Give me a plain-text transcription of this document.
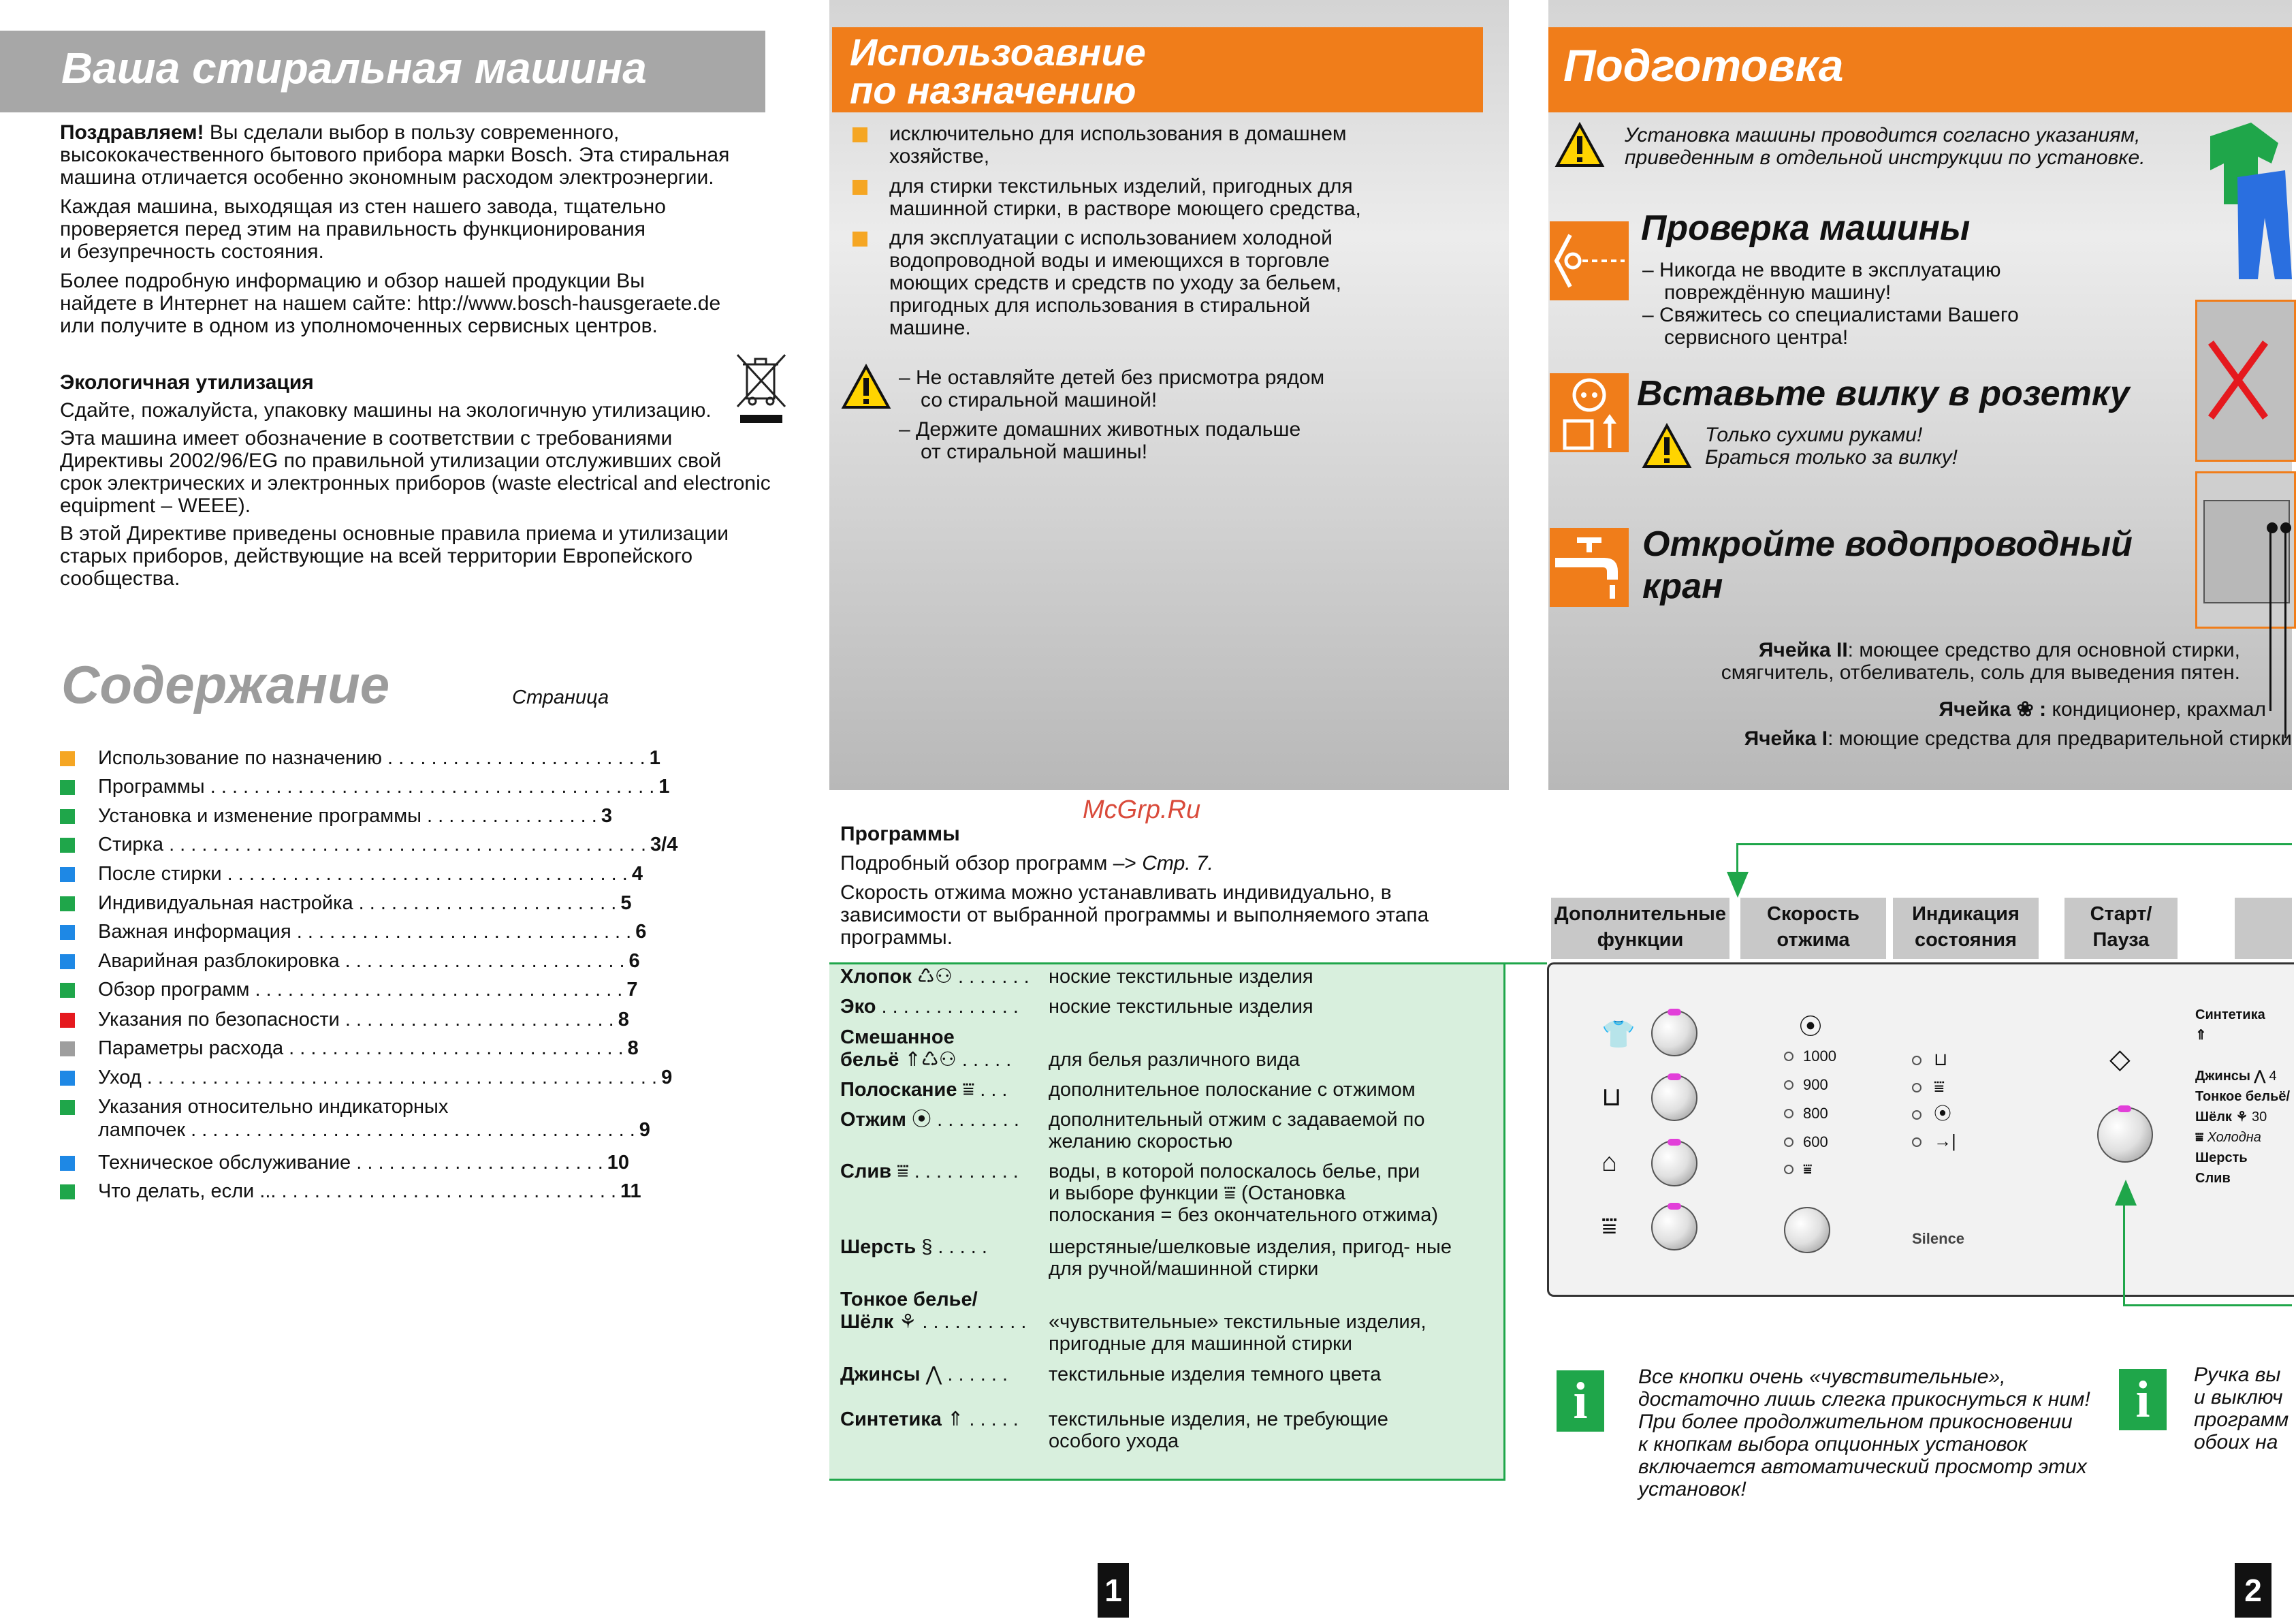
Ваша стиральная машина

Поздравляем! Вы сделали выбор в пользу современного,

высококачественного бытового прибора марки Bosch. Эта стиральная

машина отличается особенно экономным расходом электроэнергии.

Каждая машина, выходящая из стен нашего завода, тщательно

проверяется перед этим на правильность функционирования

и безупречность состояния.

Более подробную информацию и обзор нашей продукции Вы

найдете в Интернет на нашем сайте: http://www.bosch-hausgeraete.de

или получите в одном из уполномоченных сервисных центров.

Экологичная утилизация

Сдайте, пожалуйста, упаковку машины на экологичную утилизацию.

Эта машина имеет обозначение в соответствии с требованиями

Директивы 2002/96/EG по правильной утилизации отслуживших свой

срок электрических и электронных приборов (waste electrical and electronic

equipment – WEEE).

В этой Директиве приведены основные правила приема и утилизации

старых приборов, действующие на всей территории Европейского

сообщества.

Содержание	Страница
Использование по назначению . . . . . . . . . . . . . . . . . . . . . . . . 1
Программы . . . . . . . . . . . . . . . . . . . . . . . . . . . . . . . . . . . . . . . . . 1
Установка и изменение программы . . . . . . . . . . . . . . . . 3
Стирка . . . . . . . . . . . . . . . . . . . . . . . . . . . . . . . . . . . . . . . . . . . . 3/4
После стирки . . . . . . . . . . . . . . . . . . . . . . . . . . . . . . . . . . . . . 4
Индивидуальная настройка . . . . . . . . . . . . . . . . . . . . . . . . 5
Важная информация . . . . . . . . . . . . . . . . . . . . . . . . . . . . . . . 6
Аварийная разблокировка . . . . . . . . . . . . . . . . . . . . . . . . . . 6
Обзор программ . . . . . . . . . . . . . . . . . . . . . . . . . . . . . . . . . . 7
Указания по безопасности . . . . . . . . . . . . . . . . . . . . . . . . . 8
Параметры расхода . . . . . . . . . . . . . . . . . . . . . . . . . . . . . . . 8
Уход . . . . . . . . . . . . . . . . . . . . . . . . . . . . . . . . . . . . . . . . . . . . . . . 9
Указания относительно индикаторных
лампочек . . . . . . . . . . . . . . . . . . . . . . . . . . . . . . . . . . . . . . . . . 9
Техническое обслуживание . . . . . . . . . . . . . . . . . . . . . . . 10
Что делать, если ... . . . . . . . . . . . . . . . . . . . . . . . . . . . . . . . 11
Использоавние
по назначению

исключительно для использования в домашнем

хозяйстве,

для стирки текстильных изделий, пригодных для

машинной стирки, в растворе моющего средства,

для эксплуатации с использованием холодной

водопроводной воды и имеющихся в торговле

моющих средств и средств по уходу за бельем,

пригодных для использования в стиральной

машине.

– Не оставляйте детей без присмотра рядом

со стиральной машиной!

– Держите домашних животных подальше

от стиральной машины!

McGrp.Ru

Программы

Подробный обзор программ –> Стр. 7.

Скорость отжима можно устанавливать индивидуально, в

зависимости от выбранной программы и выполняемого этапа

программы.

Хлопок ♺⚇ . . . . . . . ноские текстильные изделия

Эко . . . . . . . . . . . . .	ноские текстильные изделия

Смешанное
бельё ⇑♺⚇ . . . . .	для белья различного вида

Полоскание ⩸ . . .	дополнительное полоскание с отжимом

Отжим ⦿ . . . . . . . .	дополнительный отжим с задаваемой по

желанию скоростью

Слив ⩸ . . . . . . . . . .	воды, в которой полоскалось белье, при

и выборе функции ⩸ (Остановка

полоскания = без окончательного отжима)

Шерсть § . . . . .	шерстяные/шелковые изделия, пригод- ные

для ручной/машинной стирки

Тонкое белье/
Шёлк ⚘ . . . . . . . . . .	«чувствительные» текстильные изделия,

пригодные для машинной стирки

Джинсы ⋀ . . . . . .	текстильные изделия темного цвета

Синтетика ⇑ . . . . .	текстильные изделия, не требующие

особого ухода

1
Подготовка

Установка машины проводится согласно указаниям,

приведенным в отдельной инструкции по установке.

Проверка машины

– Никогда не вводите в эксплуатацию

повреждённую машину!

– Свяжитесь со специалистами Вашего

сервисного центра!

Вставьте вилку в розетку

Только сухими руками!

Браться только за вилку!

Откройте водопроводный
кран

Ячейка II: моющее средство для основной стирки,

смягчитель, отбеливатель, соль для выведения пятен.

Ячейка ❀ : кондиционер, крахмал

Ячейка I: моющие средства для предварительной стирки

Дополнительные
функции
Скорость
отжима
Индикация
состояния
Старт/
Пауза
👕
⊔
⌂
⩸
⦿
1000
900
800
600
⩸
⊔
⩸
⦿
→|
Silence
◇
Синтетика
⇑
Джинсы ⋀ 4
Тонкое бельё/
Шёлк ⚘ 30
⩸ Холодна
Шерсть
Слив
i	Все кнопки очень «чувствительные»,

достаточно лишь слегка прикоснуться к ним!

При более продолжительном прикосновении

к кнопкам выбора опционных установок

включается автоматический просмотр этих

установок!

i	Ручка вы

и выключ

программ

обоих на

2
